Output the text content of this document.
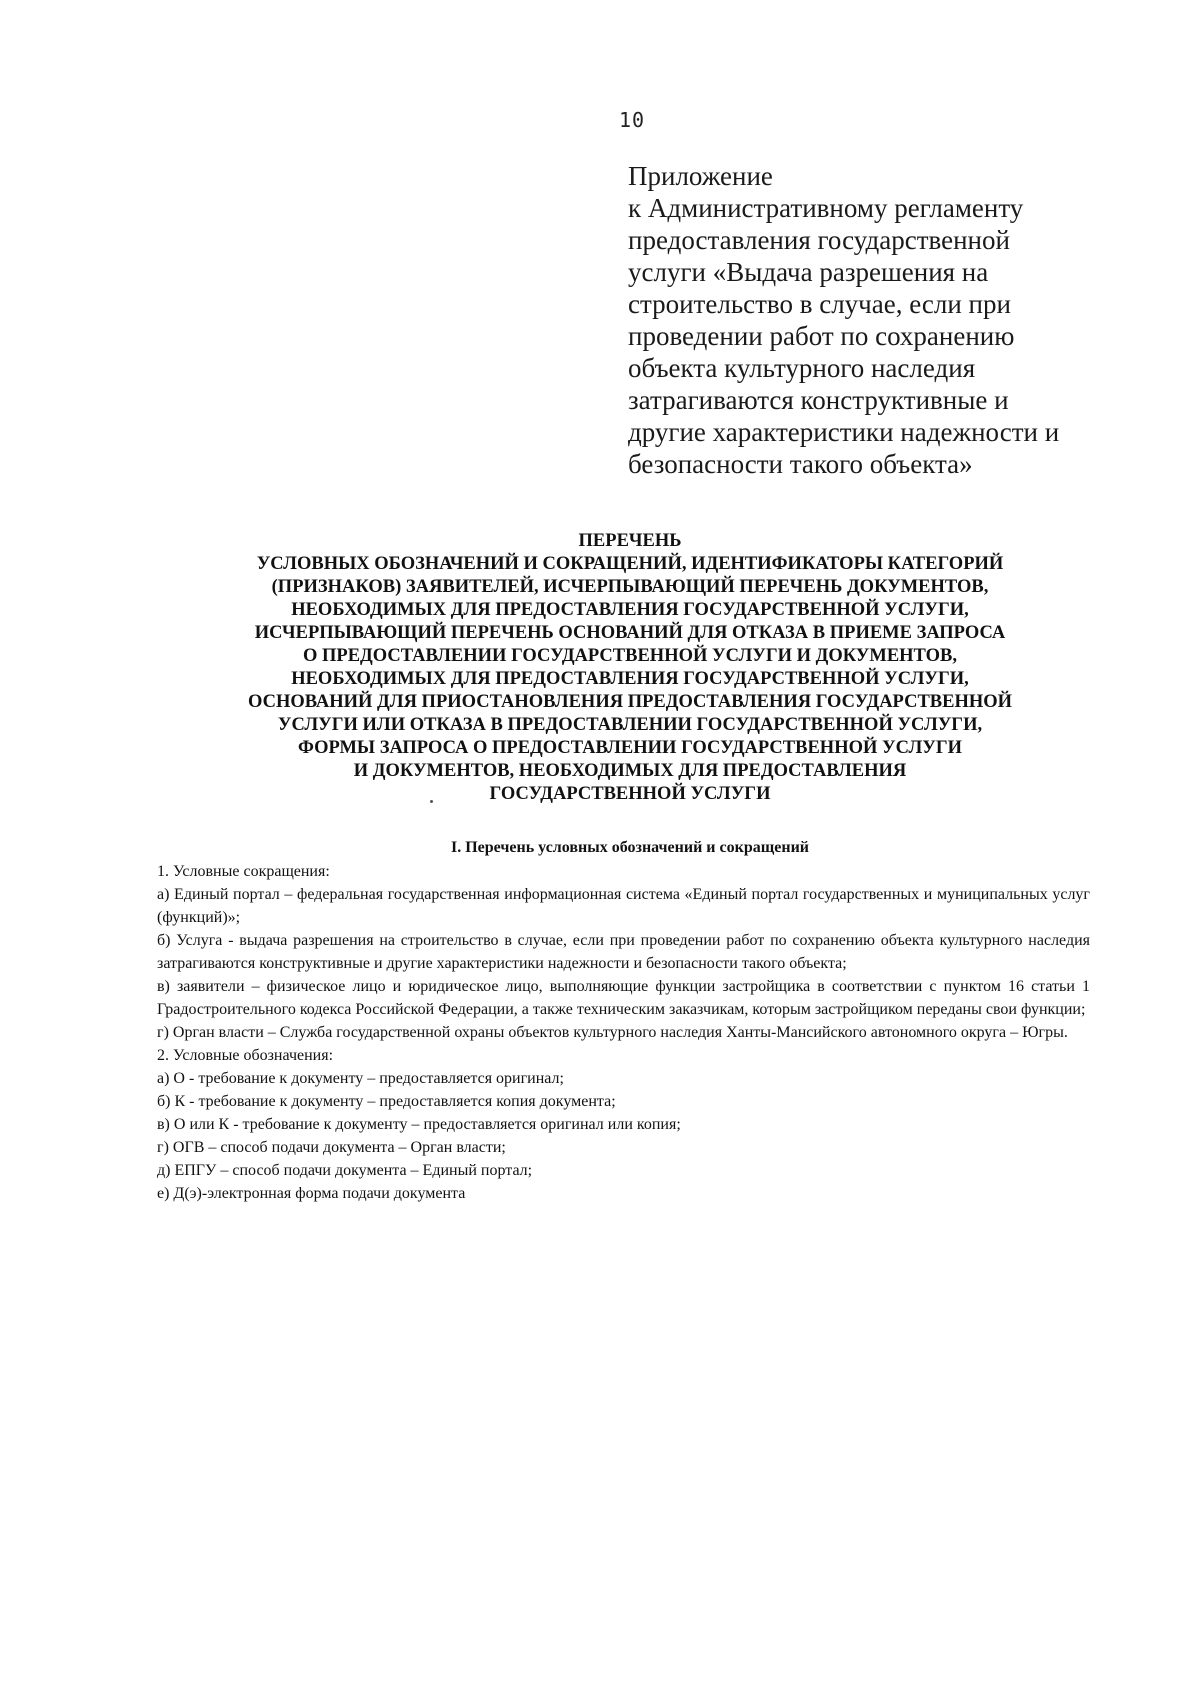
10
Приложение
к Административному регламенту
предоставления государственной
услуги «Выдача разрешения на
строительство в случае, если при
проведении работ по сохранению
объекта культурного наследия
затрагиваются конструктивные и
другие характеристики надежности и
безопасности такого объекта»
ПЕРЕЧЕНЬ
УСЛОВНЫХ ОБОЗНАЧЕНИЙ И СОКРАЩЕНИЙ, ИДЕНТИФИКАТОРЫ КАТЕГОРИЙ
(ПРИЗНАКОВ) ЗАЯВИТЕЛЕЙ, ИСЧЕРПЫВАЮЩИЙ ПЕРЕЧЕНЬ ДОКУМЕНТОВ,
НЕОБХОДИМЫХ ДЛЯ ПРЕДОСТАВЛЕНИЯ ГОСУДАРСТВЕННОЙ УСЛУГИ,
ИСЧЕРПЫВАЮЩИЙ ПЕРЕЧЕНЬ ОСНОВАНИЙ ДЛЯ ОТКАЗА В ПРИЕМЕ ЗАПРОСА
О ПРЕДОСТАВЛЕНИИ ГОСУДАРСТВЕННОЙ УСЛУГИ И ДОКУМЕНТОВ,
НЕОБХОДИМЫХ ДЛЯ ПРЕДОСТАВЛЕНИЯ ГОСУДАРСТВЕННОЙ УСЛУГИ,
ОСНОВАНИЙ ДЛЯ ПРИОСТАНОВЛЕНИЯ ПРЕДОСТАВЛЕНИЯ ГОСУДАРСТВЕННОЙ
УСЛУГИ ИЛИ ОТКАЗА В ПРЕДОСТАВЛЕНИИ ГОСУДАРСТВЕННОЙ УСЛУГИ,
ФОРМЫ ЗАПРОСА О ПРЕДОСТАВЛЕНИИ ГОСУДАРСТВЕННОЙ УСЛУГИ
И ДОКУМЕНТОВ, НЕОБХОДИМЫХ ДЛЯ ПРЕДОСТАВЛЕНИЯ
ГОСУДАРСТВЕННОЙ УСЛУГИ
I. Перечень условных обозначений и сокращений

1. Условные сокращения:

а) Единый портал – федеральная государственная информационная система «Единый портал государственных и муниципальных услуг (функций)»;

б) Услуга - выдача разрешения на строительство в случае, если при проведении работ по сохранению объекта культурного наследия затрагиваются конструктивные и другие характеристики надежности и безопасности такого объекта;

в) заявители – физическое лицо и юридическое лицо, выполняющие функции застройщика в соответствии с пунктом 16 статьи 1 Градостроительного кодекса Российской Федерации, а также техническим заказчикам, которым застройщиком переданы свои функции;

г) Орган власти – Служба государственной охраны объектов культурного наследия Ханты-Мансийского автономного округа – Югры.

2. Условные обозначения:

а) О - требование к документу – предоставляется оригинал;

б) К - требование к документу – предоставляется копия документа;

в) О или К - требование к документу – предоставляется оригинал или копия;

г) ОГВ – способ подачи документа – Орган власти;

д) ЕПГУ – способ подачи документа – Единый портал;

е) Д(э)-электронная форма подачи документа
